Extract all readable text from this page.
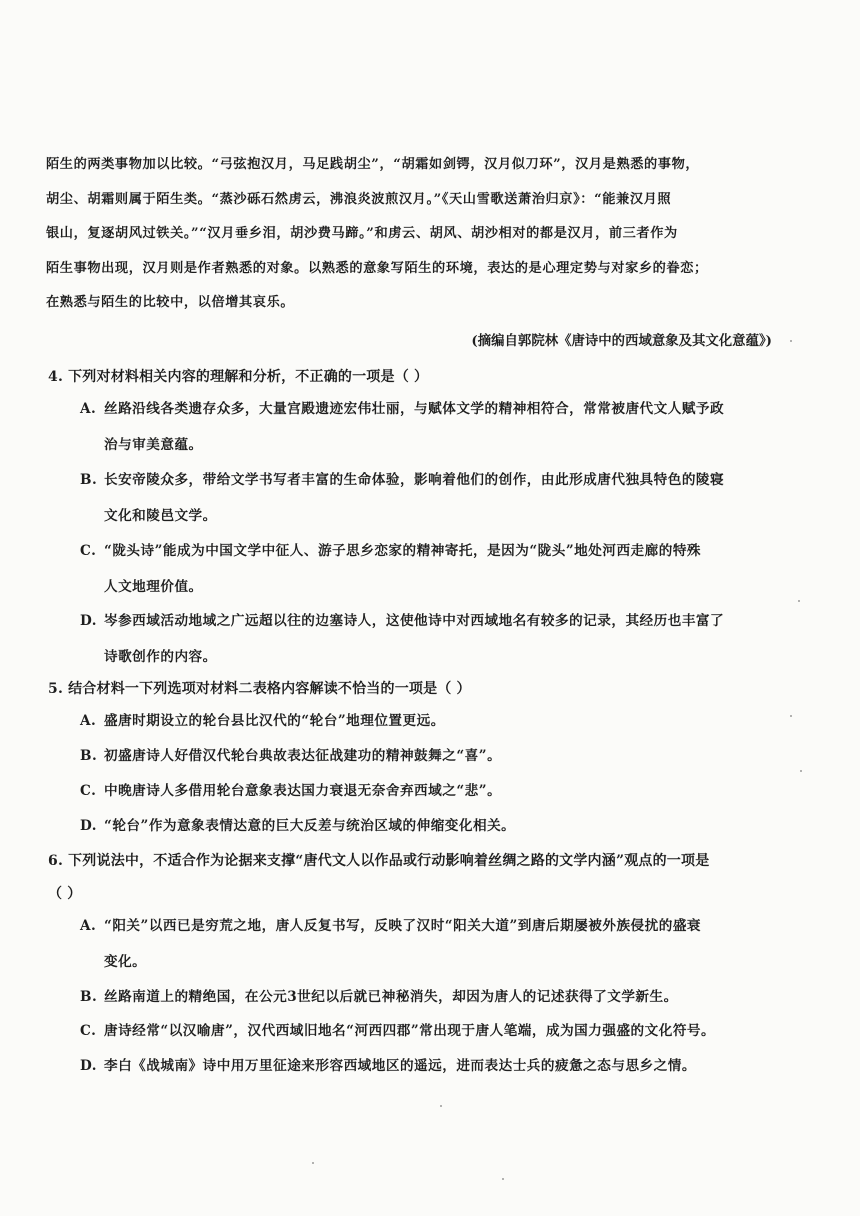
陌生的两类事物加以比较。“弓弦抱汉月，马足践胡尘”，“胡霜如剑锷，汉月似刀环”，汉月是熟悉的事物，

胡尘、胡霜则属于陌生类。“蒸沙砾石然虏云，沸浪炎波煎汉月。”《天山雪歌送萧治归京》：“能兼汉月照

银山，复逐胡风过铁关。”“汉月垂乡泪，胡沙费马蹄。”和虏云、胡风、胡沙相对的都是汉月，前三者作为

陌生事物出现，汉月则是作者熟悉的对象。以熟悉的意象写陌生的环境，表达的是心理定势与对家乡的眷恋；

在熟悉与陌生的比较中，以倍增其哀乐。

(摘编自郭院林《唐诗中的西域意象及其文化意蕴》)
4. 下列对材料相关内容的理解和分析，不正确的一项是（ ）
A. 丝路沿线各类遗存众多，大量宫殿遗迹宏伟壮丽，与赋体文学的精神相符合，常常被唐代文人赋予政
治与审美意蕴。
B. 长安帝陵众多，带给文学书写者丰富的生命体验，影响着他们的创作，由此形成唐代独具特色的陵寝
文化和陵邑文学。
C. “陇头诗”能成为中国文学中征人、游子思乡恋家的精神寄托，是因为“陇头”地处河西走廊的特殊
人文地理价值。
D. 岑参西域活动地域之广远超以往的边塞诗人，这使他诗中对西域地名有较多的记录，其经历也丰富了
诗歌创作的内容。
5. 结合材料一下列选项对材料二表格内容解读不恰当的一项是（ ）
A. 盛唐时期设立的轮台县比汉代的“轮台”地理位置更远。
B. 初盛唐诗人好借汉代轮台典故表达征战建功的精神鼓舞之“喜”。
C. 中晚唐诗人多借用轮台意象表达国力衰退无奈舍弃西域之“悲”。
D. “轮台”作为意象表情达意的巨大反差与统治区域的伸缩变化相关。
6. 下列说法中，不适合作为论据来支撑“唐代文人以作品或行动影响着丝绸之路的文学内涵”观点的一项是
（ ）
A. “阳关”以西已是穷荒之地，唐人反复书写，反映了汉时“阳关大道”到唐后期屡被外族侵扰的盛衰
变化。
B. 丝路南道上的精绝国，在公元3世纪以后就已神秘消失，却因为唐人的记述获得了文学新生。
C. 唐诗经常“以汉喻唐”，汉代西域旧地名“河西四郡”常出现于唐人笔端，成为国力强盛的文化符号。
D. 李白《战城南》诗中用万里征途来形容西域地区的遥远，进而表达士兵的疲惫之态与思乡之情。
